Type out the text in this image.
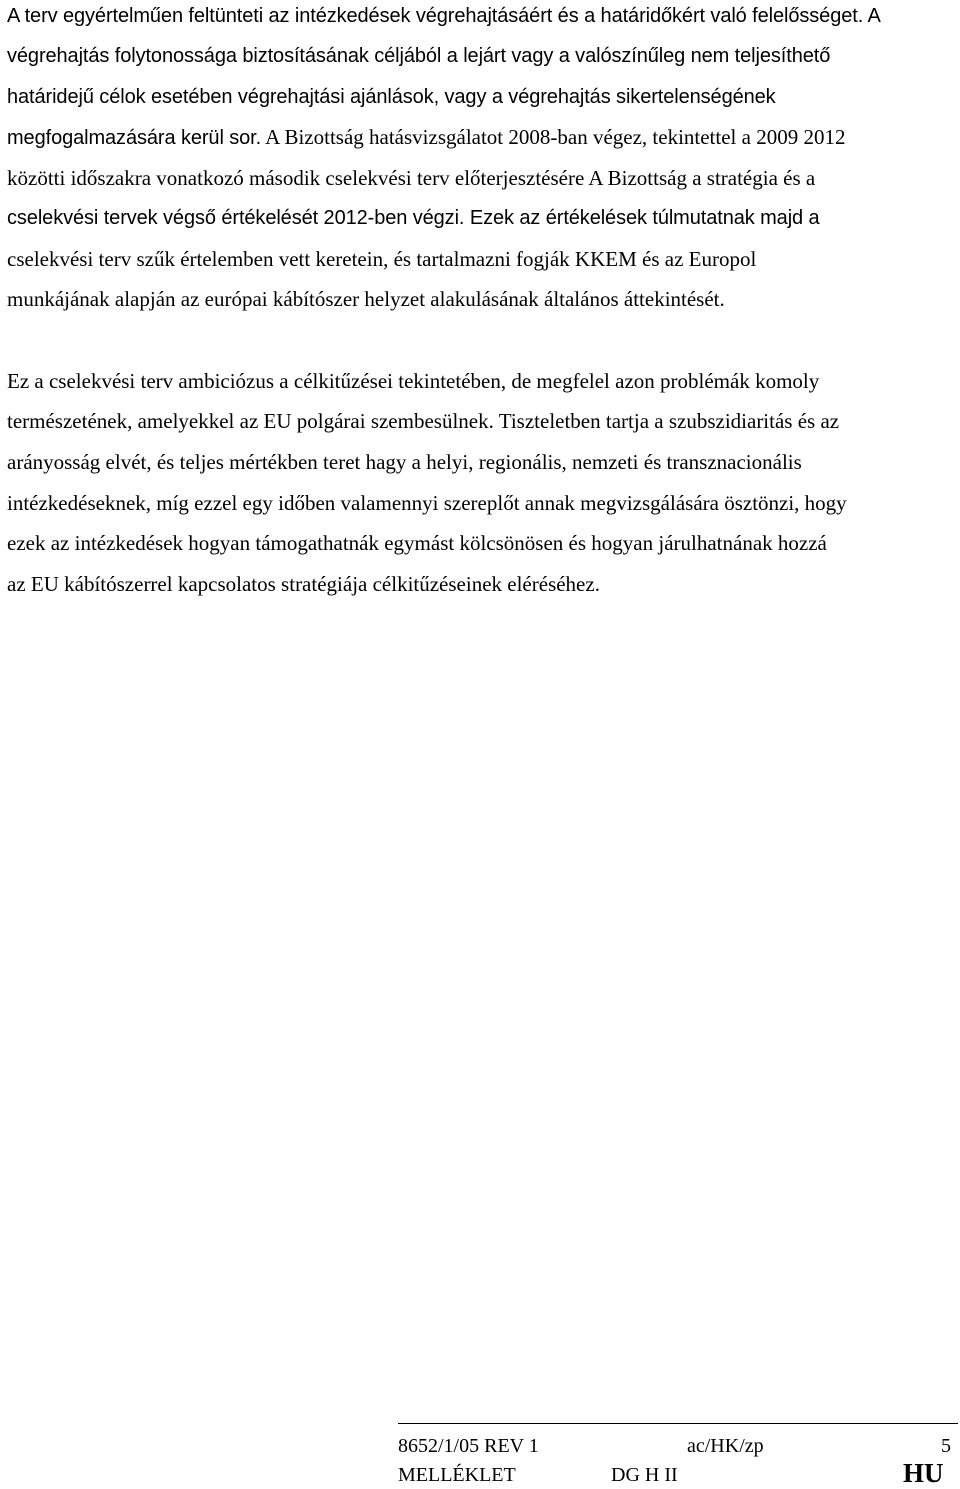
A terv egyértelműen feltünteti az intézkedések végrehajtásáért és a határidőkért való felelősséget. A
végrehajtás folytonossága biztosításának céljából a lejárt vagy a valószínűleg nem teljesíthető
határidejű célok esetében végrehajtási ajánlások, vagy a végrehajtás sikertelenségének
megfogalmazására kerül sor. A Bizottság hatásvizsgálatot 2008-ban végez, tekintettel a 2009 2012
közötti időszakra vonatkozó második cselekvési terv előterjesztésére A Bizottság a stratégia és a
cselekvési tervek végső értékelését 2012-ben végzi. Ezek az értékelések túlmutatnak majd a
cselekvési terv szűk értelemben vett keretein, és tartalmazni fogják KKEM és az Europol
munkájának alapján az európai kábítószer helyzet alakulásának általános áttekintését.
Ez a cselekvési terv ambiciózus a célkitűzései tekintetében, de megfelel azon problémák komoly
természetének, amelyekkel az EU polgárai szembesülnek. Tiszteletben tartja a szubszidiaritás és az
arányosság elvét, és teljes mértékben teret hagy a helyi, regionális, nemzeti és transznacionális
intézkedéseknek, míg ezzel egy időben valamennyi szereplőt annak megvizsgálására ösztönzi, hogy
ezek az intézkedések hogyan támogathatnák egymást kölcsönösen és hogyan járulhatnának hozzá
az EU kábítószerrel kapcsolatos stratégiája célkitűzéseinek eléréséhez.
8652/1/05 REV 1
MELLÉKLET
ac/HK/zp
DG H II
5
HU
